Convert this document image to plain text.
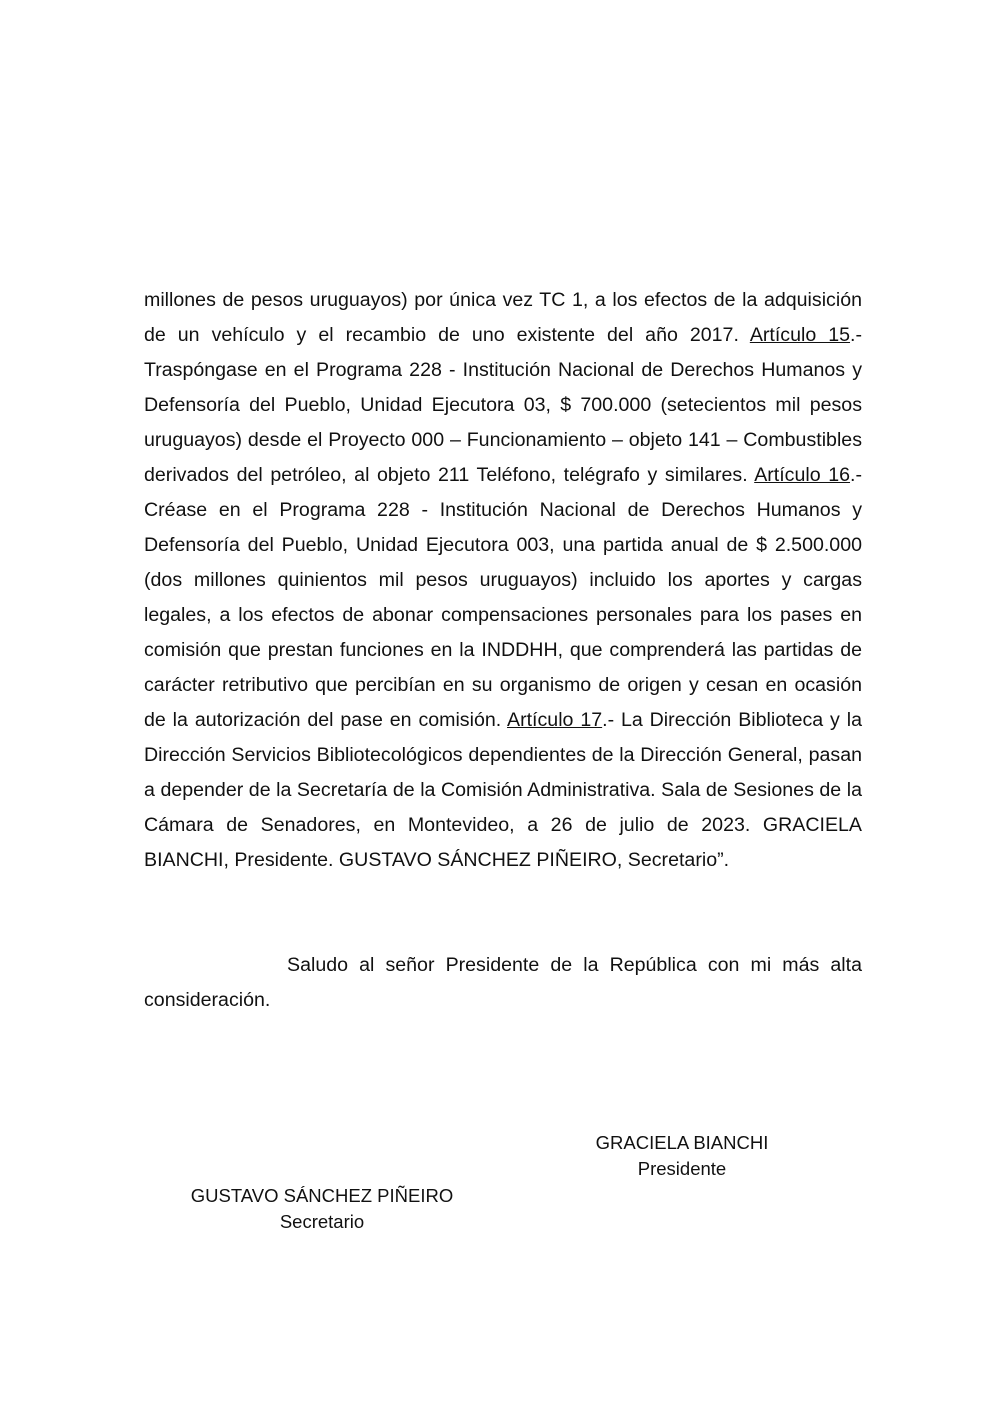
millones de pesos uruguayos) por única vez TC 1, a los efectos de la adquisición de un vehículo y el recambio de uno existente del año 2017. Artículo 15.- Traspóngase en el Programa 228 - Institución Nacional de Derechos Humanos y Defensoría del Pueblo, Unidad Ejecutora 03, $ 700.000 (setecientos mil pesos uruguayos) desde el Proyecto 000 – Funcionamiento – objeto 141 – Combustibles derivados del petróleo, al objeto 211 Teléfono, telégrafo y similares. Artículo 16.- Créase en el Programa 228 - Institución Nacional de Derechos Humanos y Defensoría del Pueblo, Unidad Ejecutora 003, una partida anual de $ 2.500.000 (dos millones quinientos mil pesos uruguayos) incluido los aportes y cargas legales, a los efectos de abonar compensaciones personales para los pases en comisión que prestan funciones en la INDDHH, que comprenderá las partidas de carácter retributivo que percibían en su organismo de origen y cesan en ocasión de la autorización del pase en comisión. Artículo 17.- La Dirección Biblioteca y la Dirección Servicios Bibliotecológicos dependientes de la Dirección General, pasan a depender de la Secretaría de la Comisión Administrativa. Sala de Sesiones de la Cámara de Senadores, en Montevideo, a 26 de julio de 2023. GRACIELA BIANCHI, Presidente. GUSTAVO SÁNCHEZ PIÑEIRO, Secretario”.

Saludo al señor Presidente de la República con mi más alta consideración.

GRACIELA BIANCHI
Presidente
GUSTAVO SÁNCHEZ PIÑEIRO
Secretario
